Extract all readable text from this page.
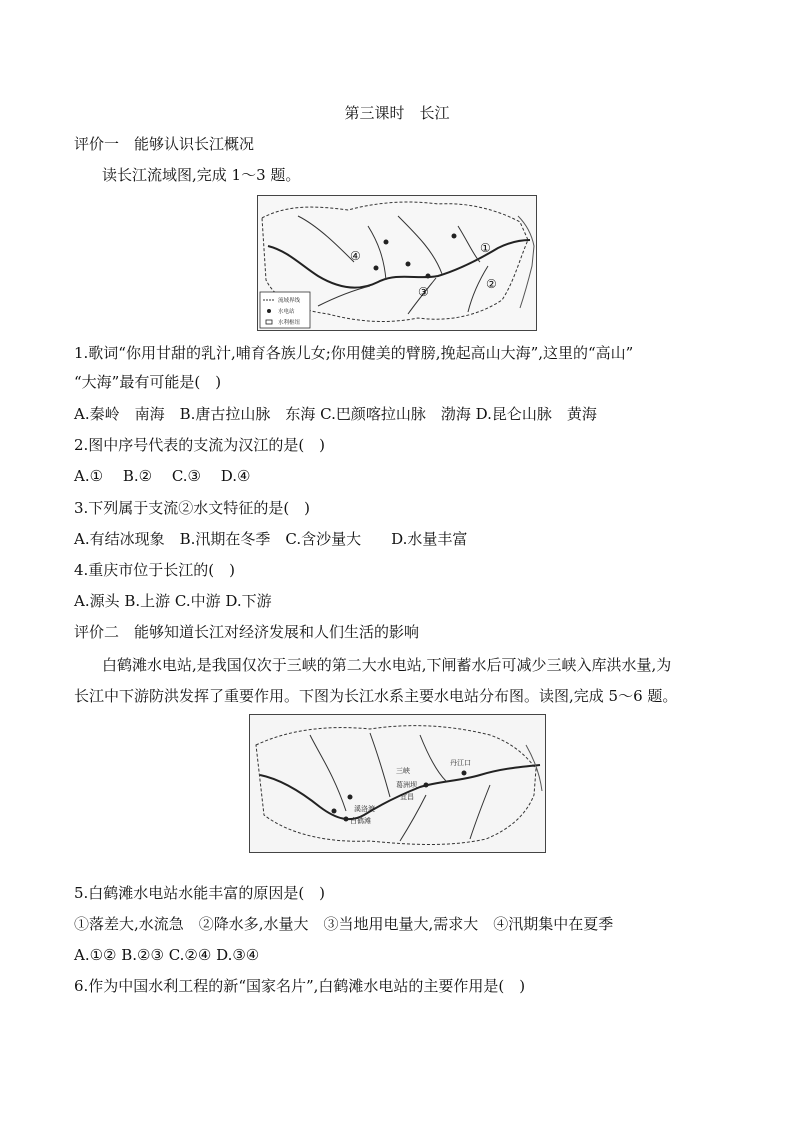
第三课时　长江
评价一　能够认识长江概况
读长江流域图,完成 1～3 题。
①
④
③
②
流域界线
水电站
水利枢纽
1.歌词“你用甘甜的乳汁,哺育各族儿女;你用健美的臂膀,挽起高山大海”,这里的“高山”
“大海”最有可能是(　)
A.秦岭　南海　B.唐古拉山脉　东海 C.巴颜喀拉山脉　渤海 D.昆仑山脉　黄海
2.图中序号代表的支流为汉江的是(　)
A.①　 B.②　 C.③　 D.④
3.下列属于支流②水文特征的是(　)
A.有结冰现象　B.汛期在冬季　C.含沙量大　　D.水量丰富
4.重庆市位于长江的(　)
A.源头 B.上游 C.中游 D.下游
评价二　能够知道长江对经济发展和人们生活的影响
白鹤滩水电站,是我国仅次于三峡的第二大水电站,下闸蓄水后可减少三峡入库洪水量,为
长江中下游防洪发挥了重要作用。下图为长江水系主要水电站分布图。读图,完成 5～6 题。
三峡
葛洲坝
丹江口
溪洛渡
白鹤滩
宜昌
5.白鹤滩水电站水能丰富的原因是(　)
①落差大,水流急　②降水多,水量大　③当地用电量大,需求大　④汛期集中在夏季
A.①② B.②③ C.②④ D.③④
6.作为中国水利工程的新“国家名片”,白鹤滩水电站的主要作用是(　)
